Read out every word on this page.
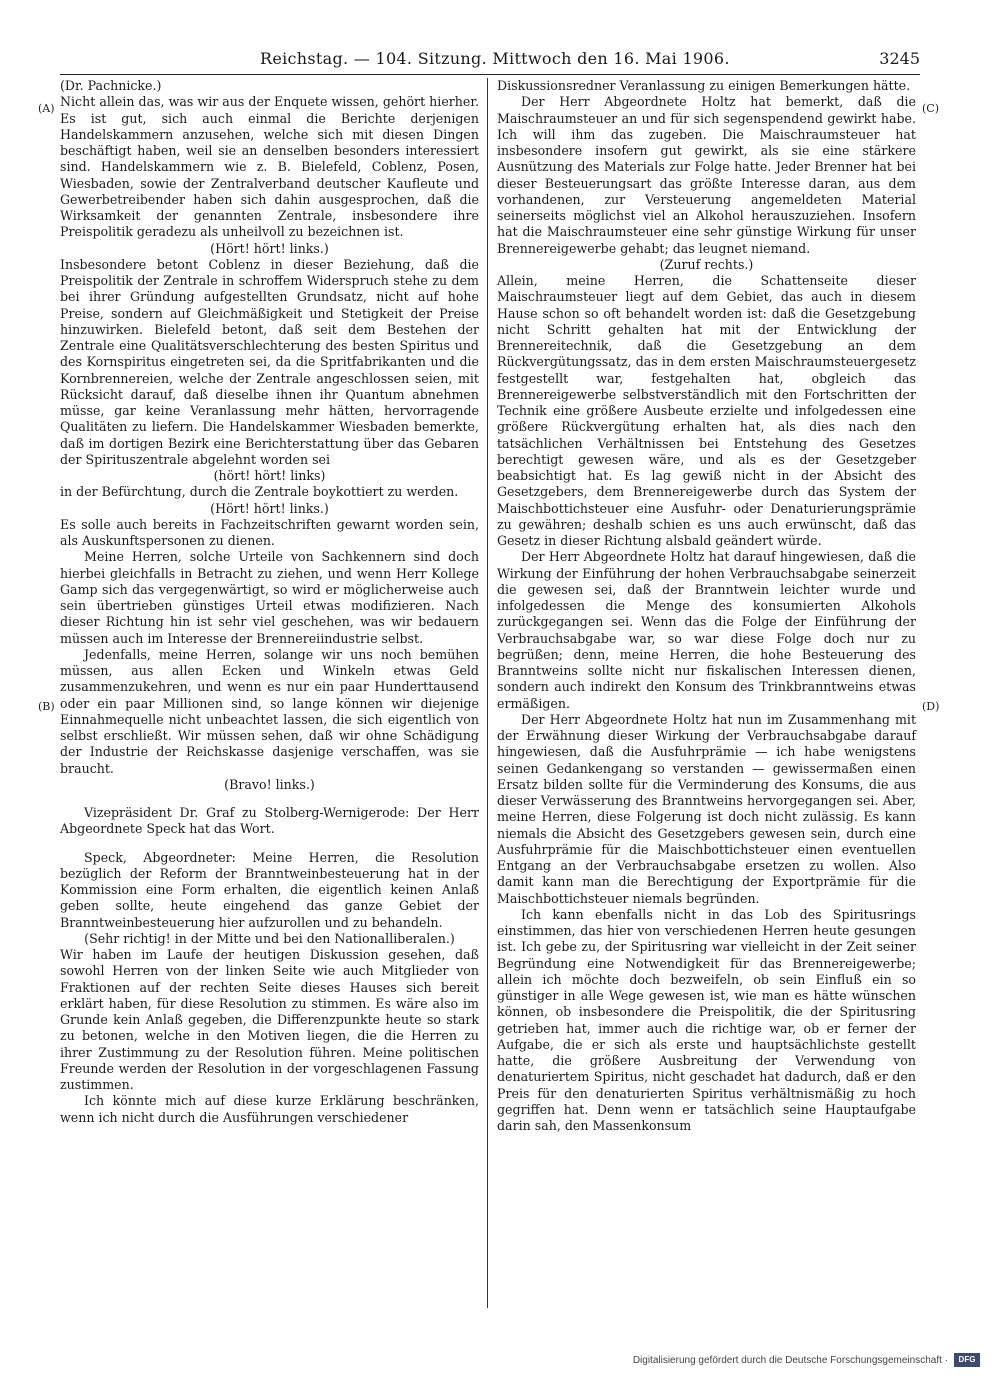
Reichstag. — 104. Sitzung. Mittwoch den 16. Mai 1906.	3245
(A)
(B)
(C)
(D)

(Dr. Pachnicke.)

Nicht allein das, was wir aus der Enquete wissen, gehört hierher. Es ist gut, sich auch einmal die Berichte derjenigen Handelskammern anzusehen, welche sich mit diesen Dingen beschäftigt haben, weil sie an denselben besonders interessiert sind. Handelskammern wie z. B. Bielefeld, Coblenz, Posen, Wiesbaden, sowie der Zentralverband deutscher Kaufleute und Gewerbetreibender haben sich dahin ausgesprochen, daß die Wirksamkeit der genannten Zentrale, insbesondere ihre Preispolitik geradezu als unheilvoll zu bezeichnen ist.

(Hört! hört! links.)

Insbesondere betont Coblenz in dieser Beziehung, daß die Preispolitik der Zentrale in schroffem Widerspruch stehe zu dem bei ihrer Gründung aufgestellten Grundsatz, nicht auf hohe Preise, sondern auf Gleichmäßigkeit und Stetigkeit der Preise hinzuwirken. Bielefeld betont, daß seit dem Bestehen der Zentrale eine Qualitätsverschlechterung des besten Spiritus und des Kornspiritus eingetreten sei, da die Spritfabrikanten und die Kornbrennereien, welche der Zentrale angeschlossen seien, mit Rücksicht darauf, daß dieselbe ihnen ihr Quantum abnehmen müsse, gar keine Veranlassung mehr hätten, hervorragende Qualitäten zu liefern. Die Handelskammer Wiesbaden bemerkte, daß im dortigen Bezirk eine Berichterstattung über das Gebaren der Spirituszentrale abgelehnt worden sei

(hört! hört! links)

in der Befürchtung, durch die Zentrale boykottiert zu werden.

(Hört! hört! links.)

Es solle auch bereits in Fachzeitschriften gewarnt worden sein, als Auskunftspersonen zu dienen.

Meine Herren, solche Urteile von Sachkennern sind doch hierbei gleichfalls in Betracht zu ziehen, und wenn Herr Kollege Gamp sich das vergegenwärtigt, so wird er möglicherweise auch sein übertrieben günstiges Urteil etwas modifizieren. Nach dieser Richtung hin ist sehr viel geschehen, was wir bedauern müssen auch im Interesse der Brennereiindustrie selbst.

Jedenfalls, meine Herren, solange wir uns noch bemühen müssen, aus allen Ecken und Winkeln etwas Geld zusammenzukehren, und wenn es nur ein paar Hunderttausend oder ein paar Millionen sind, so lange können wir diejenige Einnahmequelle nicht unbeachtet lassen, die sich eigentlich von selbst erschließt. Wir müssen sehen, daß wir ohne Schädigung der Industrie der Reichskasse dasjenige verschaffen, was sie braucht.

(Bravo! links.)

Vizepräsident Dr. Graf zu Stolberg-Wernigerode: Der Herr Abgeordnete Speck hat das Wort.

Speck, Abgeordneter: Meine Herren, die Resolution bezüglich der Reform der Branntweinbesteuerung hat in der Kommission eine Form erhalten, die eigentlich keinen Anlaß geben sollte, heute eingehend das ganze Gebiet der Branntweinbesteuerung hier aufzurollen und zu behandeln.

(Sehr richtig! in der Mitte und bei den Nationalliberalen.)

Wir haben im Laufe der heutigen Diskussion gesehen, daß sowohl Herren von der linken Seite wie auch Mitglieder von Fraktionen auf der rechten Seite dieses Hauses sich bereit erklärt haben, für diese Resolution zu stimmen. Es wäre also im Grunde kein Anlaß gegeben, die Differenzpunkte heute so stark zu betonen, welche in den Motiven liegen, die die Herren zu ihrer Zustimmung zu der Resolution führen. Meine politischen Freunde werden der Resolution in der vorgeschlagenen Fassung zustimmen.

Ich könnte mich auf diese kurze Erklärung beschränken, wenn ich nicht durch die Ausführungen verschiedener

Diskussionsredner Veranlassung zu einigen Bemerkungen hätte.

Der Herr Abgeordnete Holtz hat bemerkt, daß die Maischraumsteuer an und für sich segenspendend gewirkt habe. Ich will ihm das zugeben. Die Maischraumsteuer hat insbesondere insofern gut gewirkt, als sie eine stärkere Ausnützung des Materials zur Folge hatte. Jeder Brenner hat bei dieser Besteuerungsart das größte Interesse daran, aus dem vorhandenen, zur Versteuerung angemeldeten Material seinerseits möglichst viel an Alkohol herauszuziehen. Insofern hat die Maischraumsteuer eine sehr günstige Wirkung für unser Brennereigewerbe gehabt; das leugnet niemand.

(Zuruf rechts.)

Allein, meine Herren, die Schattenseite dieser Maischraumsteuer liegt auf dem Gebiet, das auch in diesem Hause schon so oft behandelt worden ist: daß die Gesetzgebung nicht Schritt gehalten hat mit der Entwicklung der Brennereitechnik, daß die Gesetzgebung an dem Rückvergütungssatz, das in dem ersten Maischraumsteuergesetz festgestellt war, festgehalten hat, obgleich das Brennereigewerbe selbstverständlich mit den Fortschritten der Technik eine größere Ausbeute erzielte und infolgedessen eine größere Rückvergütung erhalten hat, als dies nach den tatsächlichen Verhältnissen bei Entstehung des Gesetzes berechtigt gewesen wäre, und als es der Gesetzgeber beabsichtigt hat. Es lag gewiß nicht in der Absicht des Gesetzgebers, dem Brennereigewerbe durch das System der Maischbottichsteuer eine Ausfuhr- oder Denaturierungsprämie zu gewähren; deshalb schien es uns auch erwünscht, daß das Gesetz in dieser Richtung alsbald geändert würde.

Der Herr Abgeordnete Holtz hat darauf hingewiesen, daß die Wirkung der Einführung der hohen Verbrauchsabgabe seinerzeit die gewesen sei, daß der Branntwein leichter wurde und infolgedessen die Menge des konsumierten Alkohols zurückgegangen sei. Wenn das die Folge der Einführung der Verbrauchsabgabe war, so war diese Folge doch nur zu begrüßen; denn, meine Herren, die hohe Besteuerung des Branntweins sollte nicht nur fiskalischen Interessen dienen, sondern auch indirekt den Konsum des Trinkbranntweins etwas ermäßigen.

Der Herr Abgeordnete Holtz hat nun im Zusammenhang mit der Erwähnung dieser Wirkung der Verbrauchsabgabe darauf hingewiesen, daß die Ausfuhrprämie — ich habe wenigstens seinen Gedankengang so verstanden — gewissermaßen einen Ersatz bilden sollte für die Verminderung des Konsums, die aus dieser Verwässerung des Branntweins hervorgegangen sei. Aber, meine Herren, diese Folgerung ist doch nicht zulässig. Es kann niemals die Absicht des Gesetzgebers gewesen sein, durch eine Ausfuhrprämie für die Maischbottichsteuer einen eventuellen Entgang an der Verbrauchsabgabe ersetzen zu wollen. Also damit kann man die Berechtigung der Exportprämie für die Maischbottichsteuer niemals begründen.

Ich kann ebenfalls nicht in das Lob des Spiritusrings einstimmen, das hier von verschiedenen Herren heute gesungen ist. Ich gebe zu, der Spiritusring war vielleicht in der Zeit seiner Begründung eine Notwendigkeit für das Brennereigewerbe; allein ich möchte doch bezweifeln, ob sein Einfluß ein so günstiger in alle Wege gewesen ist, wie man es hätte wünschen können, ob insbesondere die Preispolitik, die der Spiritusring getrieben hat, immer auch die richtige war, ob er ferner der Aufgabe, die er sich als erste und hauptsächlichste gestellt hatte, die größere Ausbreitung der Verwendung von denaturiertem Spiritus, nicht geschadet hat dadurch, daß er den Preis für den denaturierten Spiritus verhältnismäßig zu hoch gegriffen hat. Denn wenn er tatsächlich seine Hauptaufgabe darin sah, den Massenkonsum

Digitalisierung gefördert durch die Deutsche Forschungsgemeinschaft ·	DFG
